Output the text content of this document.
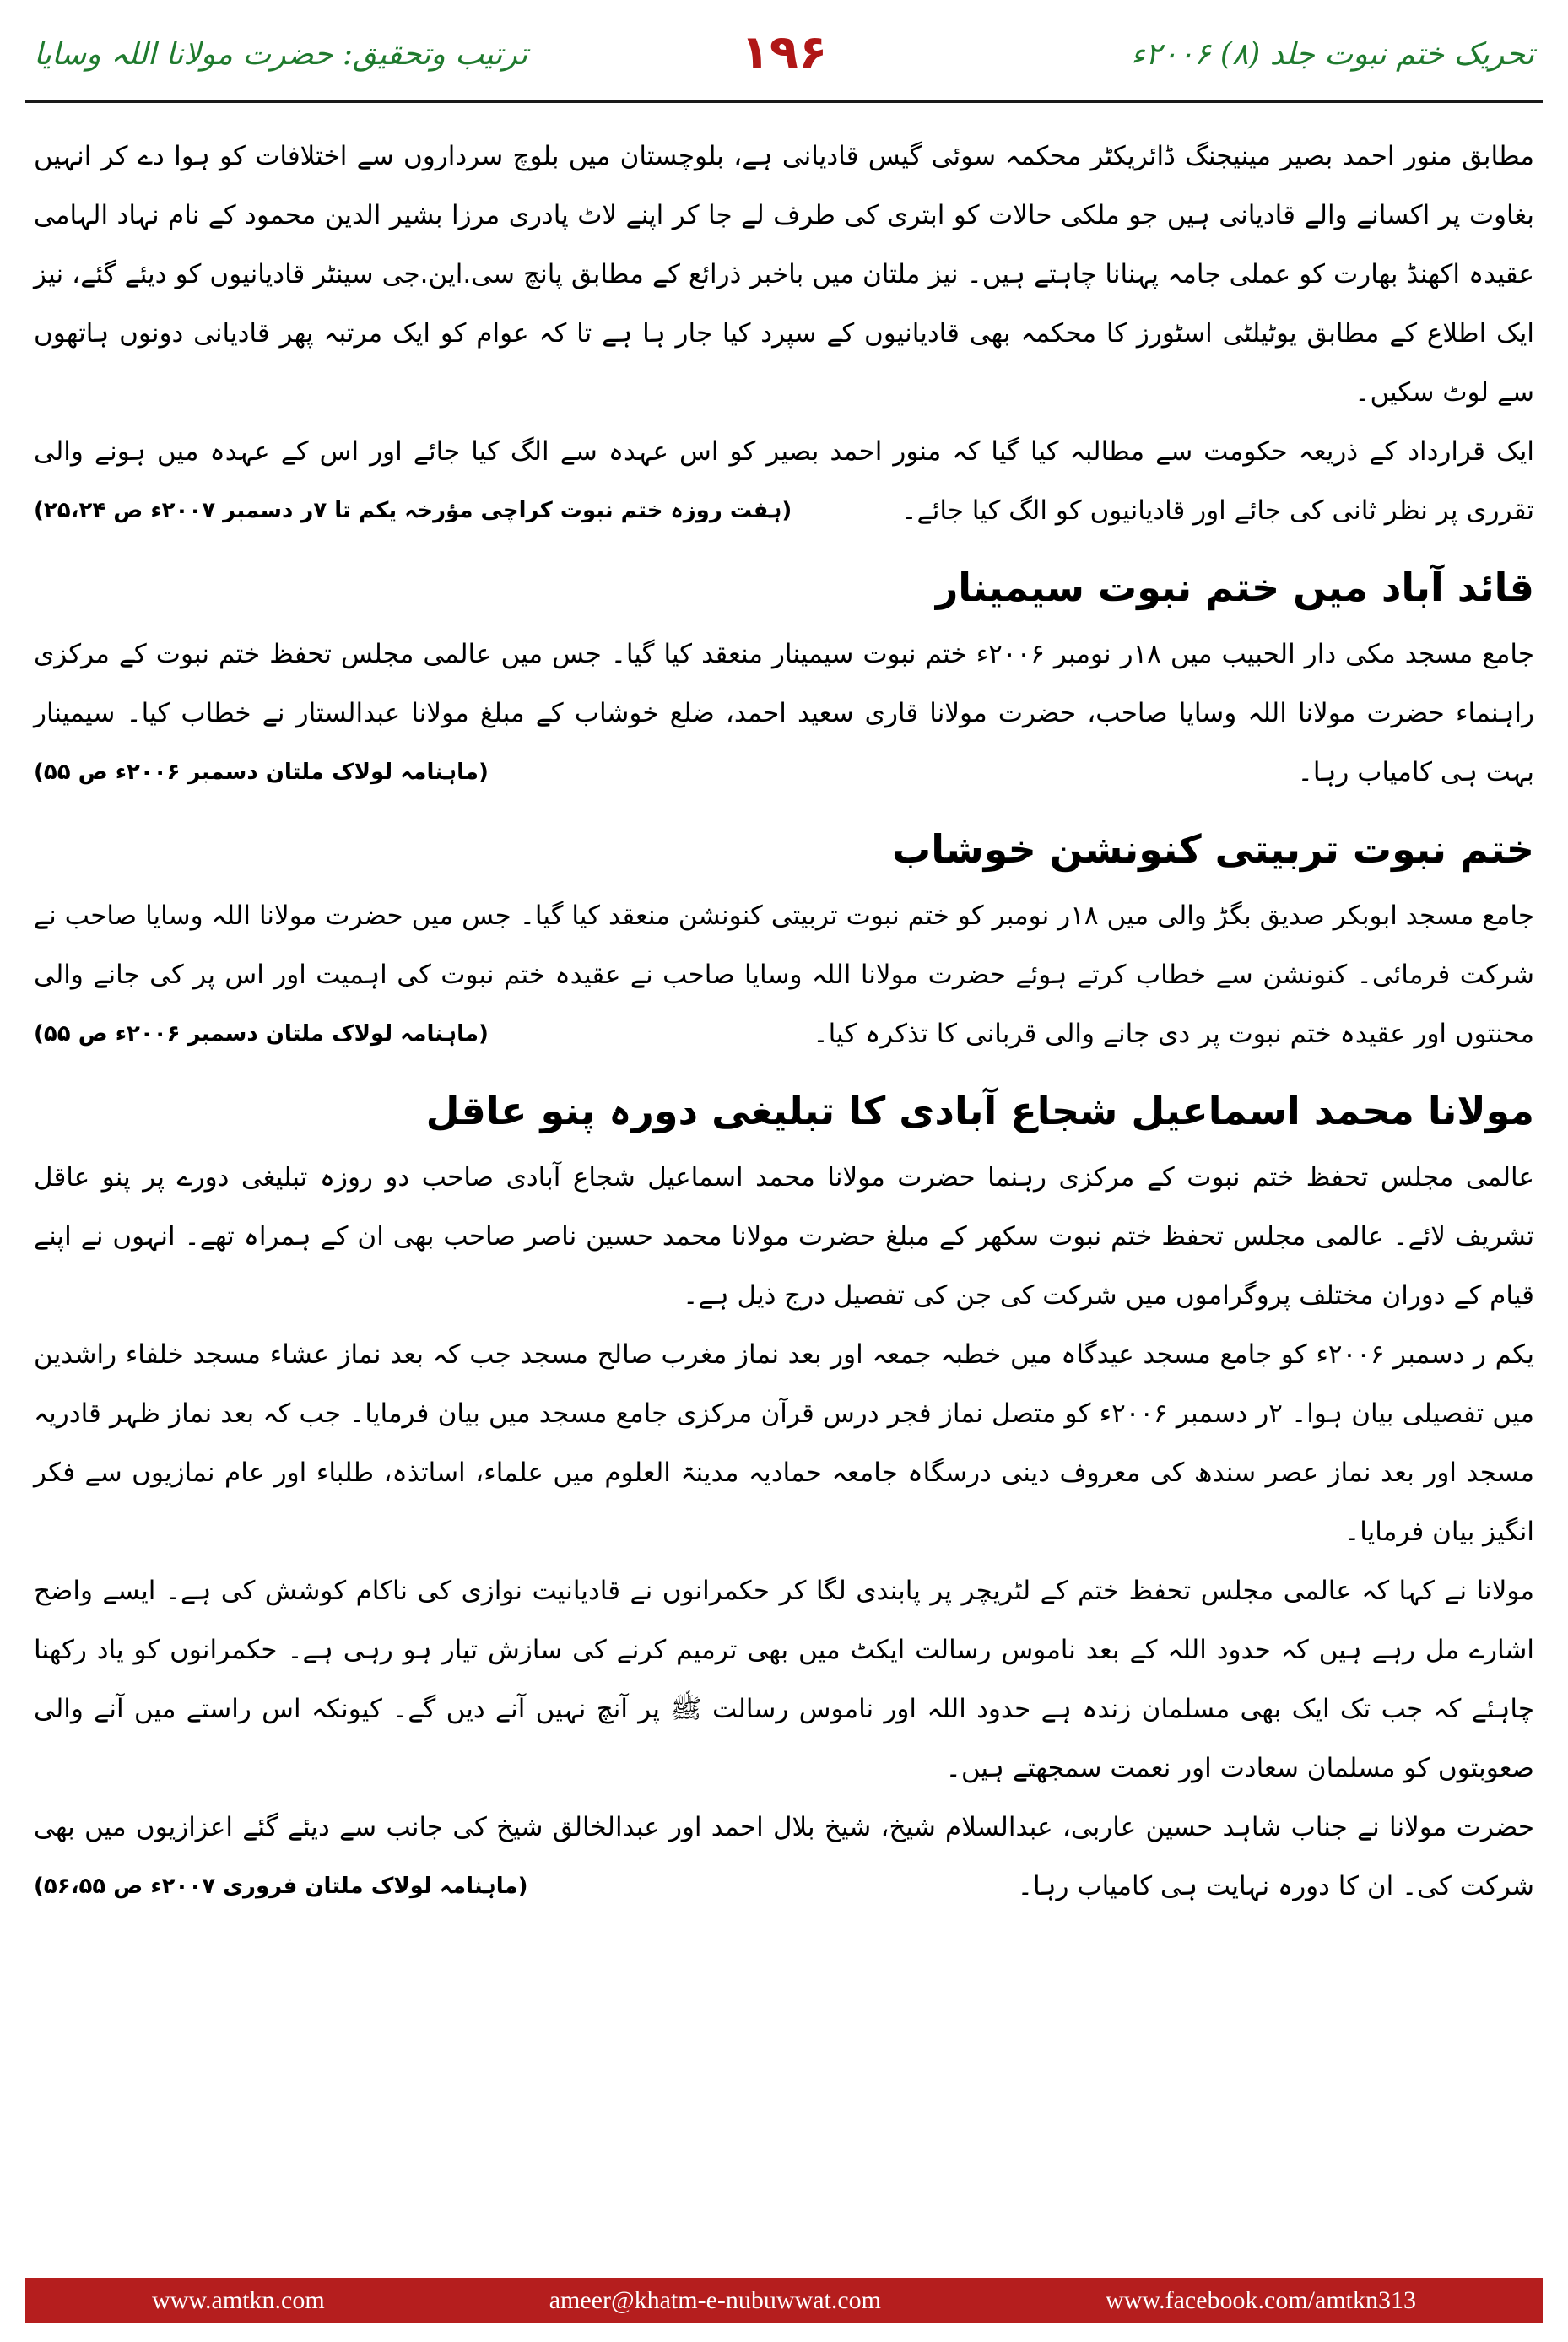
تحریک ختم نبوت جلد (۸) ۲۰۰۶ء
۱۹۶
ترتیب وتحقیق: حضرت مولانا اللہ وسایا

مطابق منور احمد بصیر مینیجنگ ڈائریکٹر محکمہ سوئی گیس قادیانی ہے، بلوچستان میں بلوچ سرداروں سے اختلافات کو ہوا دے کر انہیں بغاوت پر اکسانے والے قادیانی ہیں جو ملکی حالات کو ابتری کی طرف لے جا کر اپنے لاٹ پادری مرزا بشیر الدین محمود کے نام نہاد الہامی عقیدہ اکھنڈ بھارت کو عملی جامہ پہنانا چاہتے ہیں۔ نیز ملتان میں باخبر ذرائع کے مطابق پانچ سی.این.جی سینٹر قادیانیوں کو دیئے گئے، نیز ایک اطلاع کے مطابق یوٹیلٹی اسٹورز کا محکمہ بھی قادیانیوں کے سپرد کیا جار ہا ہے تا کہ عوام کو ایک مرتبہ پھر قادیانی دونوں ہاتھوں سے لوٹ سکیں۔

ایک قرارداد کے ذریعہ حکومت سے مطالبہ کیا گیا کہ منور احمد بصیر کو اس عہدہ سے الگ کیا جائے اور اس کے عہدہ میں ہونے والی تقرری پر نظر ثانی کی جائے اور قادیانیوں کو الگ کیا جائے۔
(ہفت روزہ ختم نبوت کراچی مؤرخہ یکم تا ۷ر دسمبر ۲۰۰۷ء ص ۲۵،۲۴)

قائد آباد میں ختم نبوت سیمینار

جامع مسجد مکی دار الحبیب میں ۱۸ر نومبر ۲۰۰۶ء ختم نبوت سیمینار منعقد کیا گیا۔ جس میں عالمی مجلس تحفظ ختم نبوت کے مرکزی راہنماء حضرت مولانا اللہ وسایا صاحب، حضرت مولانا قاری سعید احمد، ضلع خوشاب کے مبلغ مولانا عبدالستار نے خطاب کیا۔ سیمینار بہت ہی کامیاب رہا۔
(ماہنامہ لولاک ملتان دسمبر ۲۰۰۶ء ص ۵۵)

ختم نبوت تربیتی کنونشن خوشاب

جامع مسجد ابوبکر صدیق بگڑ والی میں ۱۸ر نومبر کو ختم نبوت تربیتی کنونشن منعقد کیا گیا۔ جس میں حضرت مولانا اللہ وسایا صاحب نے شرکت فرمائی۔ کنونشن سے خطاب کرتے ہوئے حضرت مولانا اللہ وسایا صاحب نے عقیدہ ختم نبوت کی اہمیت اور اس پر کی جانے والی محنتوں اور عقیدہ ختم نبوت پر دی جانے والی قربانی کا تذکرہ کیا۔
(ماہنامہ لولاک ملتان دسمبر ۲۰۰۶ء ص ۵۵)

مولانا محمد اسماعیل شجاع آبادی کا تبلیغی دورہ پنو عاقل

عالمی مجلس تحفظ ختم نبوت کے مرکزی رہنما حضرت مولانا محمد اسماعیل شجاع آبادی صاحب دو روزہ تبلیغی دورے پر پنو عاقل تشریف لائے۔ عالمی مجلس تحفظ ختم نبوت سکھر کے مبلغ حضرت مولانا محمد حسین ناصر صاحب بھی ان کے ہمراہ تھے۔ انہوں نے اپنے قیام کے دوران مختلف پروگراموں میں شرکت کی جن کی تفصیل درج ذیل ہے۔

یکم ر دسمبر ۲۰۰۶ء کو جامع مسجد عیدگاہ میں خطبہ جمعہ اور بعد نماز مغرب صالح مسجد جب کہ بعد نماز عشاء مسجد خلفاء راشدین میں تفصیلی بیان ہوا۔ ۲ر دسمبر ۲۰۰۶ء کو متصل نماز فجر درس قرآن مرکزی جامع مسجد میں بیان فرمایا۔ جب کہ بعد نماز ظہر قادریہ مسجد اور بعد نماز عصر سندھ کی معروف دینی درسگاہ جامعہ حمادیہ مدینۃ العلوم میں علماء، اساتذہ، طلباء اور عام نمازیوں سے فکر انگیز بیان فرمایا۔

مولانا نے کہا کہ عالمی مجلس تحفظ ختم کے لٹریچر پر پابندی لگا کر حکمرانوں نے قادیانیت نوازی کی ناکام کوشش کی ہے۔ ایسے واضح اشارے مل رہے ہیں کہ حدود اللہ کے بعد ناموس رسالت ایکٹ میں بھی ترمیم کرنے کی سازش تیار ہو رہی ہے۔ حکمرانوں کو یاد رکھنا چاہئے کہ جب تک ایک بھی مسلمان زندہ ہے حدود اللہ اور ناموس رسالت ﷺ پر آنچ نہیں آنے دیں گے۔ کیونکہ اس راستے میں آنے والی صعوبتوں کو مسلمان سعادت اور نعمت سمجھتے ہیں۔

حضرت مولانا نے جناب شاہد حسین عاربی، عبدالسلام شیخ، شیخ بلال احمد اور عبدالخالق شیخ کی جانب سے دیئے گئے اعزازیوں میں بھی شرکت کی۔ ان کا دورہ نہایت ہی کامیاب رہا۔
(ماہنامہ لولاک ملتان فروری ۲۰۰۷ء ص ۵۶،۵۵)

www.amtkn.com	ameer@khatm-e-nubuwwat.com	www.facebook.com/amtkn313
